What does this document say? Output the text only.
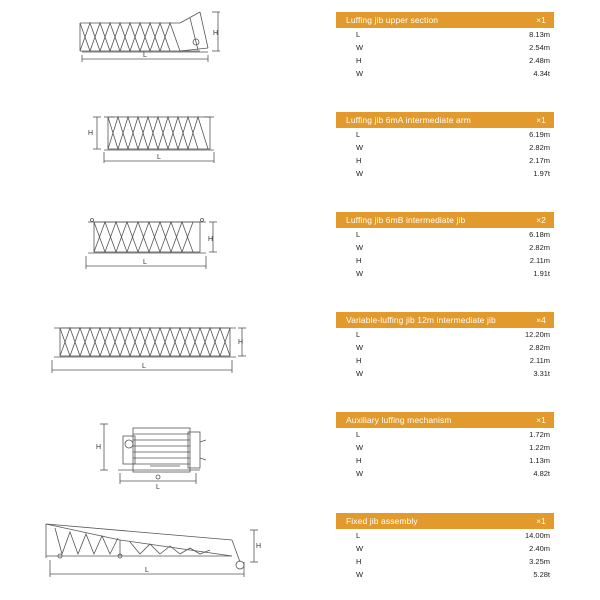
L
H
Luffing jib upper section	×1
L	8.13m
W	2.54m
H	2.48m
W	4.34t
H
L
Luffing jib 6mA intermediate arm	×1
L	6.19m
W	2.82m
H	2.17m
W	1.97t
L
H
Luffing jib 6mB intermediate jib	×2
L	6.18m
W	2.82m
H	2.11m
W	1.91t
L
H
Variable-luffing jib 12m intermediate jib	×4
L	12.20m
W	2.82m
H	2.11m
W	3.31t
H
L
Auxiliary luffing mechanism	×1
L	1.72m
W	1.22m
H	1.13m
W	4.82t
L
H
Fixed jib assembly	×1
L	14.00m
W	2.40m
H	3.25m
W	5.28t
